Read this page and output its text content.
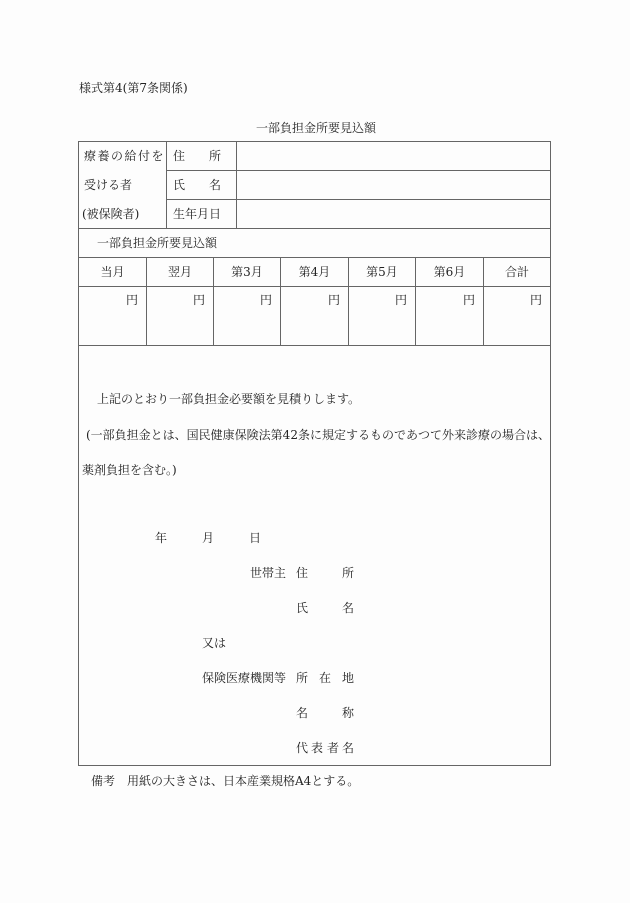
様式第4(第7条関係)
一部負担金所要見込額
療養の給付を
受ける者
(被保険者)
住　　所
氏　　名
生年月日
一部負担金所要見込額
当月	翌月	第3月	第4月	第5月	第6月	合計
円	円	円	円	円	円	円
上記のとおり一部負担金必要額を見積りします。
(一部負担金とは、国民健康保険法第42条に規定するものであつて外来診療の場合は、
薬剤負担を含む。)
年	月	日
世帯主 住	所
氏	名
又は
保険医療機関等 所 在 地
名	称
代 表 者 名
備考　用紙の大きさは、日本産業規格A4とする。
